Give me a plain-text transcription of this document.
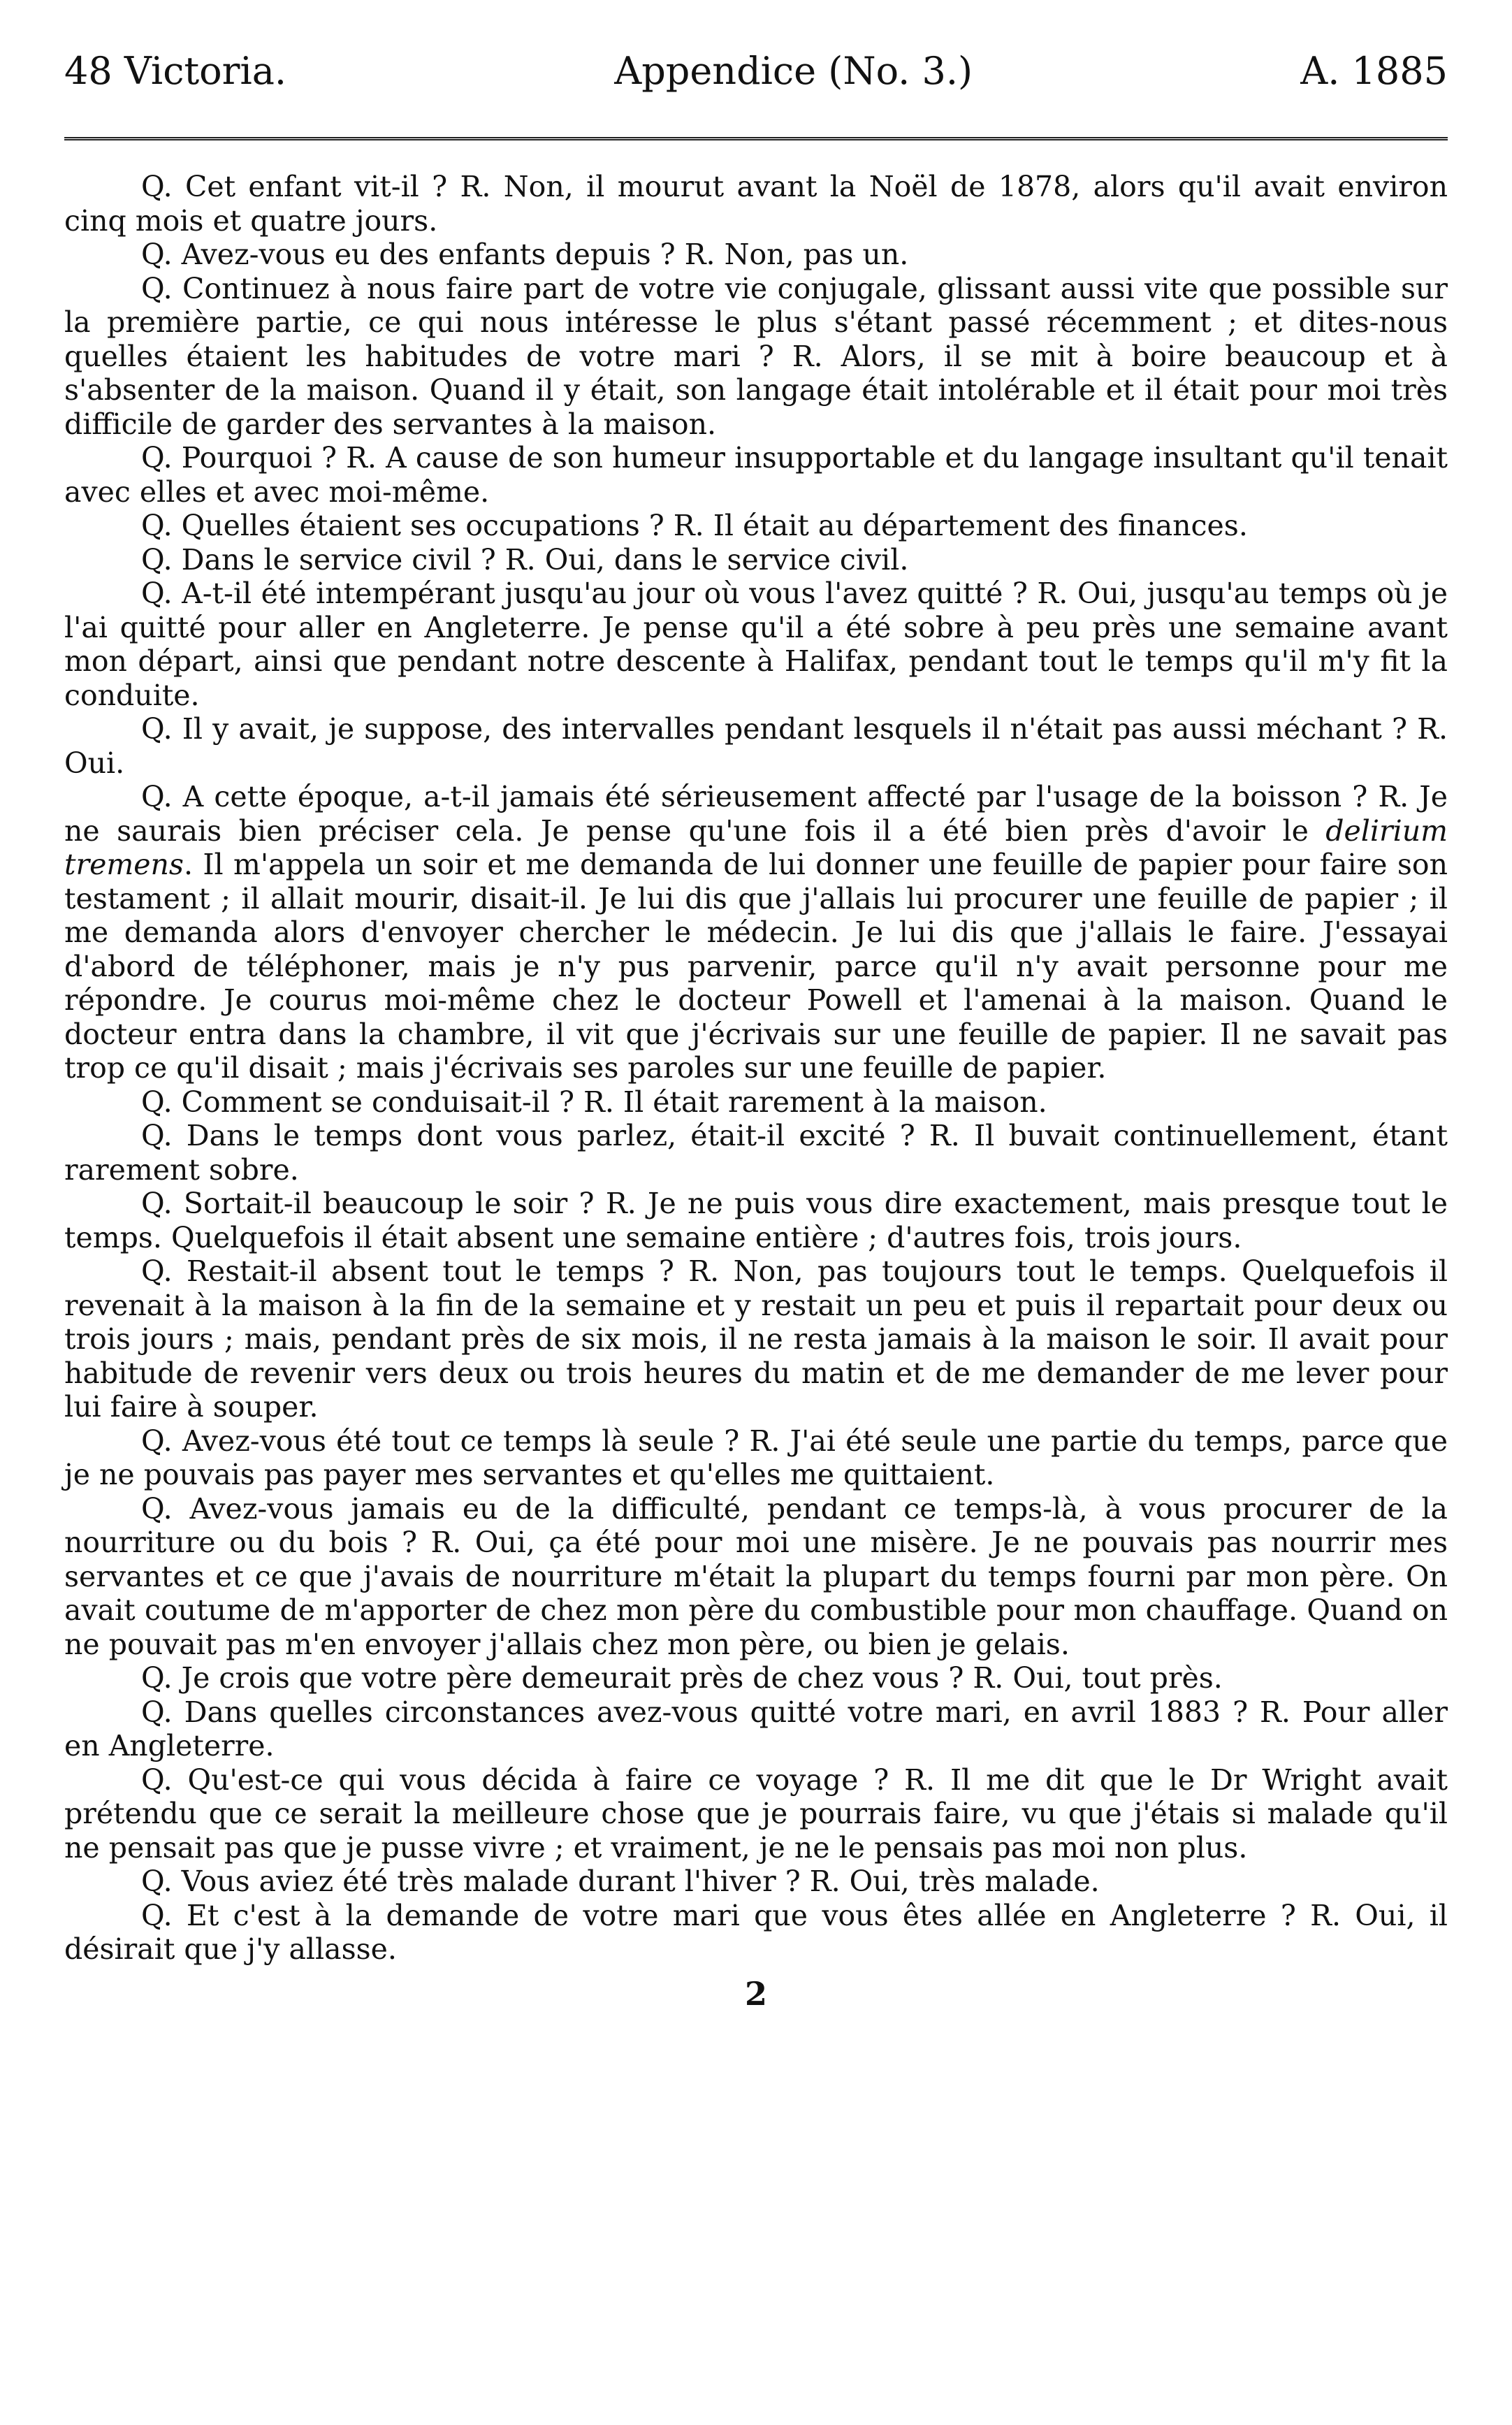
48 Victoria.	Appendice (No. 3.)	A. 1885

Q. Cet enfant vit-il ? R. Non, il mourut avant la Noël de 1878, alors qu'il avait environ cinq mois et quatre jours.

Q. Avez-vous eu des enfants depuis ? R. Non, pas un.

Q. Continuez à nous faire part de votre vie conjugale, glissant aussi vite que possible sur la première partie, ce qui nous intéresse le plus s'étant passé récemment ; et dites-nous quelles étaient les habitudes de votre mari ? R. Alors, il se mit à boire beaucoup et à s'absenter de la maison. Quand il y était, son langage était intolérable et il était pour moi très difficile de garder des servantes à la maison.

Q. Pourquoi ? R. A cause de son humeur insupportable et du langage insultant qu'il tenait avec elles et avec moi-même.

Q. Quelles étaient ses occupations ? R. Il était au département des finances.

Q. Dans le service civil ? R. Oui, dans le service civil.

Q. A-t-il été intempérant jusqu'au jour où vous l'avez quitté ? R. Oui, jusqu'au temps où je l'ai quitté pour aller en Angleterre. Je pense qu'il a été sobre à peu près une semaine avant mon départ, ainsi que pendant notre descente à Halifax, pendant tout le temps qu'il m'y fit la conduite.

Q. Il y avait, je suppose, des intervalles pendant lesquels il n'était pas aussi méchant ? R. Oui.

Q. A cette époque, a-t-il jamais été sérieusement affecté par l'usage de la boisson ? R. Je ne saurais bien préciser cela. Je pense qu'une fois il a été bien près d'avoir le delirium tremens. Il m'appela un soir et me demanda de lui donner une feuille de papier pour faire son testament ; il allait mourir, disait-il. Je lui dis que j'allais lui procurer une feuille de papier ; il me demanda alors d'envoyer chercher le médecin. Je lui dis que j'allais le faire. J'essayai d'abord de téléphoner, mais je n'y pus parvenir, parce qu'il n'y avait personne pour me répondre. Je courus moi-même chez le docteur Powell et l'amenai à la maison. Quand le docteur entra dans la chambre, il vit que j'écrivais sur une feuille de papier. Il ne savait pas trop ce qu'il disait ; mais j'écrivais ses paroles sur une feuille de papier.

Q. Comment se conduisait-il ? R. Il était rarement à la maison.

Q. Dans le temps dont vous parlez, était-il excité ? R. Il buvait continuellement, étant rarement sobre.

Q. Sortait-il beaucoup le soir ? R. Je ne puis vous dire exactement, mais presque tout le temps. Quelquefois il était absent une semaine entière ; d'autres fois, trois jours.

Q. Restait-il absent tout le temps ? R. Non, pas toujours tout le temps. Quelquefois il revenait à la maison à la fin de la semaine et y restait un peu et puis il repartait pour deux ou trois jours ; mais, pendant près de six mois, il ne resta jamais à la maison le soir. Il avait pour habitude de revenir vers deux ou trois heures du matin et de me demander de me lever pour lui faire à souper.

Q. Avez-vous été tout ce temps là seule ? R. J'ai été seule une partie du temps, parce que je ne pouvais pas payer mes servantes et qu'elles me quittaient.

Q. Avez-vous jamais eu de la difficulté, pendant ce temps-là, à vous procurer de la nourriture ou du bois ? R. Oui, ça été pour moi une misère. Je ne pouvais pas nourrir mes servantes et ce que j'avais de nourriture m'était la plupart du temps fourni par mon père. On avait coutume de m'apporter de chez mon père du combustible pour mon chauffage. Quand on ne pouvait pas m'en envoyer j'allais chez mon père, ou bien je gelais.

Q. Je crois que votre père demeurait près de chez vous ? R. Oui, tout près.

Q. Dans quelles circonstances avez-vous quitté votre mari, en avril 1883 ? R. Pour aller en Angleterre.

Q. Qu'est-ce qui vous décida à faire ce voyage ? R. Il me dit que le Dr Wright avait prétendu que ce serait la meilleure chose que je pourrais faire, vu que j'étais si malade qu'il ne pensait pas que je pusse vivre ; et vraiment, je ne le pensais pas moi non plus.

Q. Vous aviez été très malade durant l'hiver ? R. Oui, très malade.

Q. Et c'est à la demande de votre mari que vous êtes allée en Angleterre ? R. Oui, il désirait que j'y allasse.

2
